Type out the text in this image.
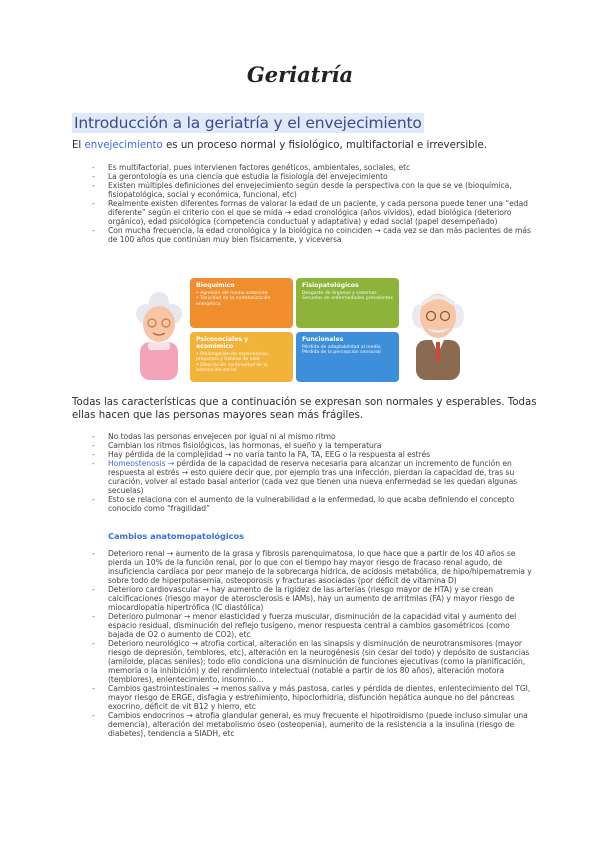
Geriatría
Introducción a la geriatría y el envejecimiento
El envejecimiento es un proceso normal y fisiológico, multifactorial e irreversible.
- Es multifactorial, pues intervienen factores genéticos, ambientales, sociales, etc
- La gerontología es una ciencia que estudia la fisiología del envejecimiento
- Existen múltiples definiciones del envejecimiento según desde la perspectiva con la que se ve (bioquímica, fisiopatológica, social y económica, funcional, etc)
- Realmente existen diferentes formas de valorar la edad de un paciente, y cada persona puede tener una “edad diferente” según el criterio con el que se mida → edad cronológica (años vividos), edad biológica (deterioro orgánico), edad psicológica (competencia conductual y adaptativa) y edad social (papel desempeñado)
- Con mucha frecuencia, la edad cronológica y la biológica no coinciden → cada vez se dan más pacientes de más de 100 años que continúan muy bien físicamente, y viceversa
Bioquímico
• Agresión del medio ambiente
• Toxicidad de la metabolización energética
Fisiopatológicos
Desgaste de órganos y sistemas
Secuelas de enfermedades prevalentes
Psicosociales y económico
• Prolongación de experiencias, proyectos y hábitos de vida
• Disociación continuidad de la interacción social
Funcionales
Pérdida de adaptabilidad al medio
Pérdida de la percepción sensorial
Todas las características que a continuación se expresan son normales y esperables. Todas ellas hacen que las personas mayores sean más frágiles.
- No todas las personas envejecen por igual ni al mismo ritmo
- Cambian los ritmos fisiológicos, las hormonas, el sueño y la temperatura
- Hay pérdida de la complejidad → no varía tanto la FA, TA, EEG o la respuesta al estrés
- Homeostenosis → pérdida de la capacidad de reserva necesaria para alcanzar un incremento de función en respuesta al estrés → esto quiere decir que, por ejemplo tras una infección, pierdan la capacidad de, tras su curación, volver al estado basal anterior (cada vez que tienen una nueva enfermedad se les quedan algunas secuelas)
- Esto se relaciona con el aumento de la vulnerabilidad a la enfermedad, lo que acaba definiendo el concepto conocido como “fragilidad”
Cambios anatomopatológicos
- Deterioro renal → aumento de la grasa y fibrosis parenquimatosa, lo que hace que a partir de los 40 años se pierda un 10% de la función renal, por lo que con el tiempo hay mayor riesgo de fracaso renal agudo, de insuficiencia cardíaca por peor manejo de la sobrecarga hídrica, de acidosis metabólica, de hipo/hipernatremia y sobre todo de hiperpotasemia, osteoporosis y fracturas asociadas (por déficit de vitamina D)
- Deterioro cardiovascular → hay aumento de la rigidez de las arterias (riesgo mayor de HTA) y se crean calcificaciones (riesgo mayor de aterosclerosis e IAMs), hay un aumento de arritmias (FA) y mayor riesgo de miocardiopatía hipertrófica (IC diastólica)
- Deterioro pulmonar → menor elasticidad y fuerza muscular, disminución de la capacidad vital y aumento del espacio residual, disminución del reflejo tusígeno, menor respuesta central a cambios gasométricos (como bajada de O2 o aumento de CO2), etc
- Deterioro neurológico → atrofia cortical, alteración en las sinapsis y disminución de neurotransmisores (mayor riesgo de depresión, temblores, etc), alteración en la neurogénesis (sin cesar del todo) y depósito de sustancias (amiloide, placas seniles); todo ello condiciona una disminución de funciones ejecutivas (como la planificación, memoria o la inhibición) y del rendimiento intelectual (notable a partir de los 80 años), alteración motora (temblores), enlentecimiento, insomnio…
- Cambios gastrointestinales → menos saliva y más pastosa, caries y pérdida de dientes, enlentecimiento del TGI, mayor riesgo de ERGE, disfagia y estreñimiento, hipoclorhidria, disfunción hepática aunque no del páncreas exocrino, déficit de vit B12 y hierro, etc
- Cambios endocrinos → atrofia glandular general, es muy frecuente el hipotiroidismo (puede incluso simular una demencia), alteración del metabolismo óseo (osteopenia), aumento de la resistencia a la insulina (riesgo de diabetes), tendencia a SIADH, etc
